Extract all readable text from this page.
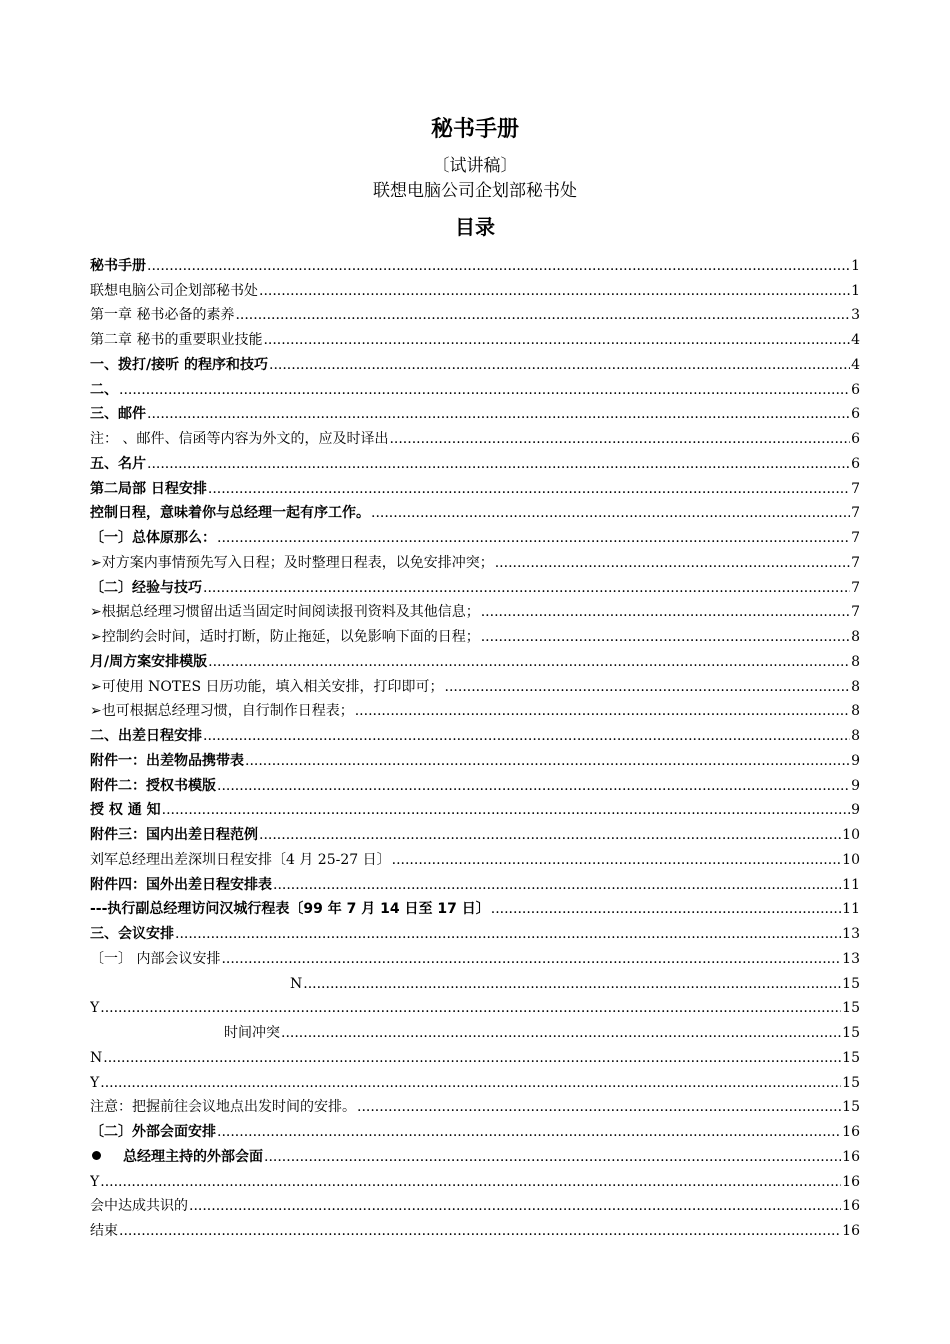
秘书手册
〔试讲稿〕
联想电脑公司企划部秘书处
目录
秘书手册 .....	1
联想电脑公司企划部秘书处 .....	1
第一章 秘书必备的素养 .....	3
第二章 秘书的重要职业技能 .....	4
一、拨打/接听 的程序和技巧 .....	4
二、 .....	6
三、邮件 .....	6
注： 、邮件、信函等内容为外文的，应及时译出 .....	6
五、名片 .....	6
第二局部 日程安排 .....	7
控制日程，意味着你与总经理一起有序工作。 .....	7
〔一〕总体原那么： .....	7
➢对方案内事情预先写入日程；及时整理日程表，以免安排冲突； .....	7
〔二〕经验与技巧 .....	7
➢根据总经理习惯留出适当固定时间阅读报刊资料及其他信息； .....	7
➢控制约会时间，适时打断，防止拖延，以免影响下面的日程； .....	8
月/周方案安排模版 .....	8
➢可使用 NOTES 日历功能，填入相关安排，打印即可； .....	8
➢也可根据总经理习惯，自行制作日程表； .....	8
二、出差日程安排 .....	8
附件一：出差物品携带表 .....	9
附件二：授权书模版 .....	9
授 权 通 知 .....	9
附件三：国内出差日程范例 .....	10
刘军总经理出差深圳日程安排〔4 月 25-27 日〕 .....	10
附件四：国外出差日程安排表 .....	11
---执行副总经理访问汉城行程表〔99 年 7 月 14 日至 17 日〕 .....	11
三、会议安排 .....	13
〔一〕 内部会议安排 .....	13
N .....	15
Y .....	15
时间冲突 .....	15
N .....	15
Y .....	15
注意：把握前往会议地点出发时间的安排。 .....	15
〔二〕外部会面安排 .....	16
总经理主持的外部会面 .....	16
Y .....	16
会中达成共识的 .....	16
结束 .....	16
